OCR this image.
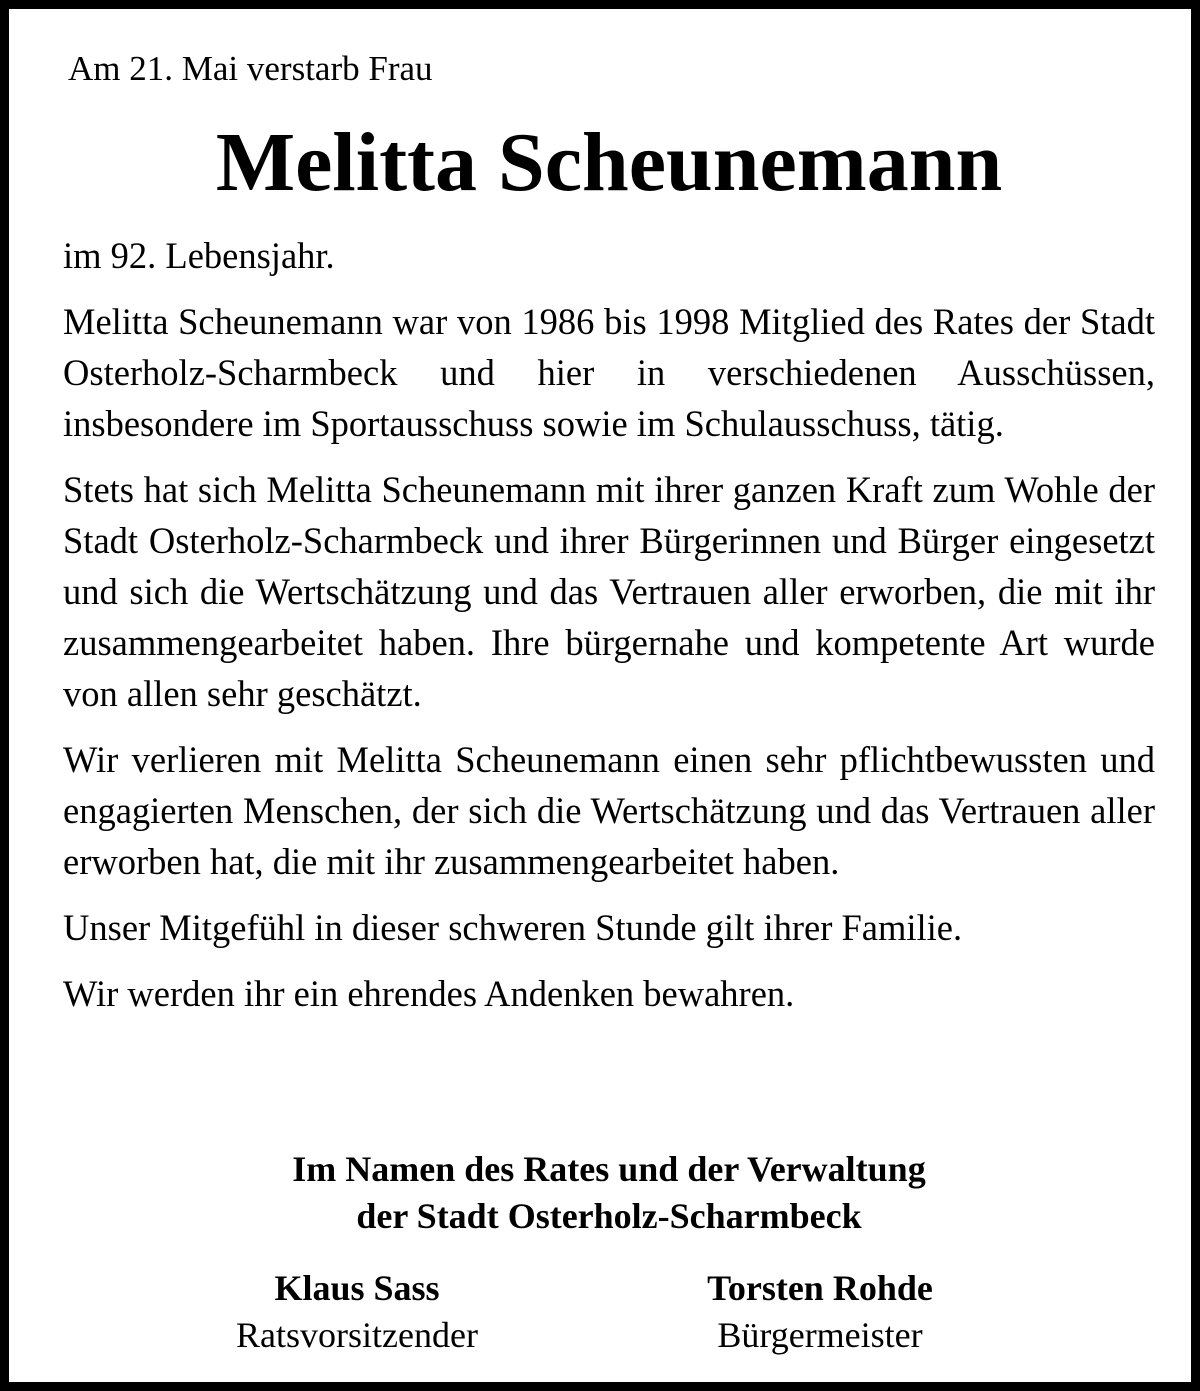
Am 21. Mai verstarb Frau
Melitta Scheunemann

im 92. Lebensjahr.

Melitta Scheunemann war von 1986 bis 1998 Mitglied des Rates der Stadt Osterholz-Scharmbeck und hier in verschiedenen Ausschüssen, insbesondere im Sportausschuss sowie im Schulausschuss, tätig.

Stets hat sich Melitta Scheunemann mit ihrer ganzen Kraft zum Wohle der Stadt Osterholz-Scharmbeck und ihrer Bürgerinnen und Bürger eingesetzt und sich die Wertschätzung und das Vertrauen aller erworben, die mit ihr zusammengearbeitet haben. Ihre bürgernahe und kompetente Art wurde von allen sehr geschätzt.

Wir verlieren mit Melitta Scheunemann einen sehr pflichtbewussten und engagierten Menschen, der sich die Wertschätzung und das Vertrauen aller erworben hat, die mit ihr zusammengearbeitet haben.

Unser Mitgefühl in dieser schweren Stunde gilt ihrer Familie.

Wir werden ihr ein ehrendes Andenken bewahren.

Im Namen des Rates und der Verwaltung
der Stadt Osterholz-Scharmbeck
Klaus Sass
Ratsvorsitzender
Torsten Rohde
Bürgermeister
